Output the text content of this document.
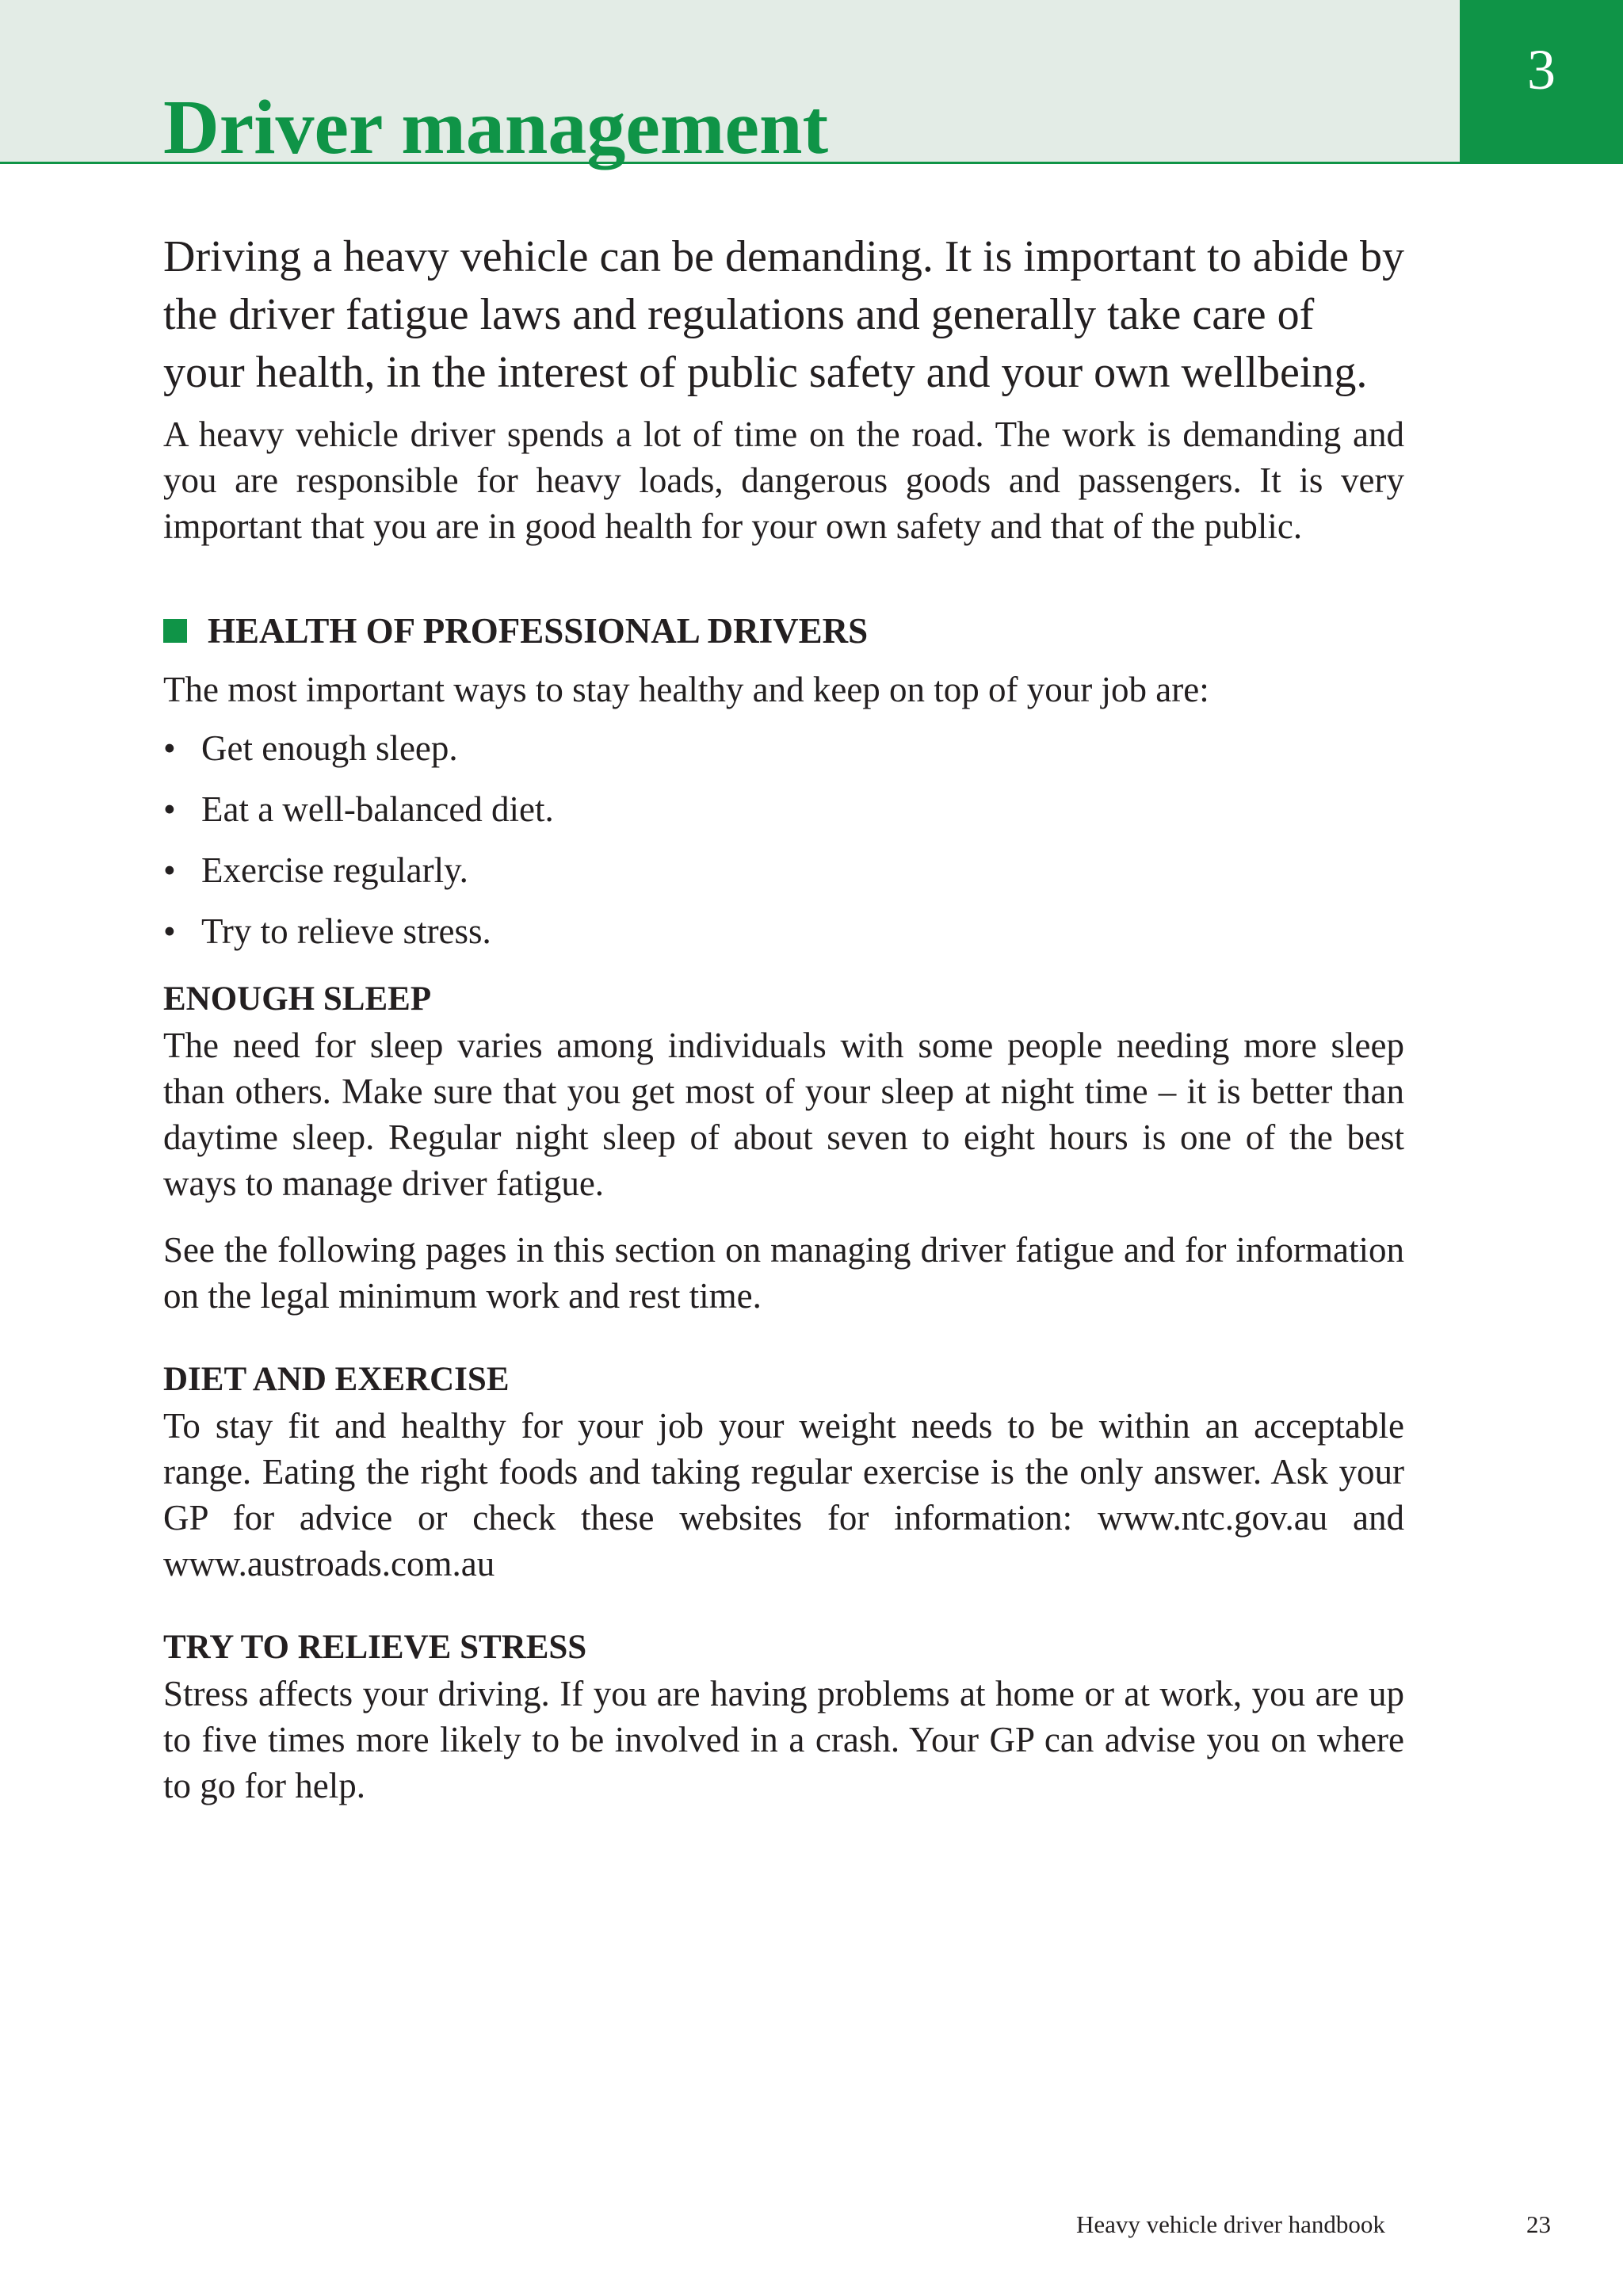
3
Driver management

Driving a heavy vehicle can be demanding. It is important to abide by the driver fatigue laws and regulations and generally take care of your health, in the interest of public safety and your own wellbeing.

A heavy vehicle driver spends a lot of time on the road. The work is demanding and you are responsible for heavy loads, dangerous goods and passengers. It is very important that you are in good health for your own safety and that of the public.

HEALTH OF PROFESSIONAL DRIVERS

The most important ways to stay healthy and keep on top of your job are:

• Get enough sleep.
• Eat a well-balanced diet.
• Exercise regularly.
• Try to relieve stress.
ENOUGH SLEEP

The need for sleep varies among individuals with some people needing more sleep than others. Make sure that you get most of your sleep at night time – it is better than daytime sleep. Regular night sleep of about seven to eight hours is one of the best ways to manage driver fatigue.

See the following pages in this section on managing driver fatigue and for information on the legal minimum work and rest time.

DIET AND EXERCISE

To stay fit and healthy for your job your weight needs to be within an acceptable range. Eating the right foods and taking regular exercise is the only answer. Ask your GP for advice or check these websites for information: www.ntc.gov.au and www.austroads.com.au

TRY TO RELIEVE STRESS

Stress affects your driving. If you are having problems at home or at work, you are up to five times more likely to be involved in a crash. Your GP can advise you on where to go for help.

Heavy vehicle driver handbook	23
